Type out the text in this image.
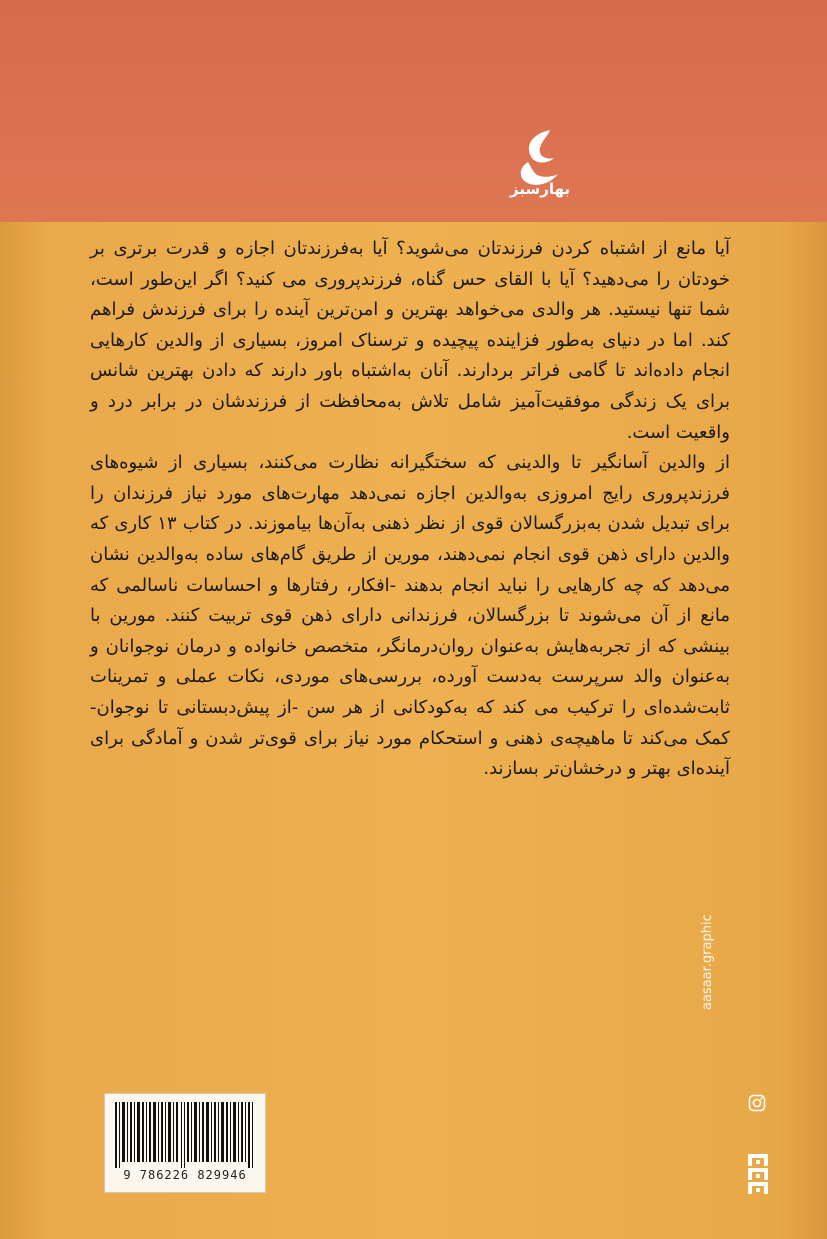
بهارسبز

آیا مانع از اشتباه کردن فرزندتان می‌شوید؟ آیا به‌فرزندتان اجازه و قدرت برتری بر خودتان را می‌دهید؟ آیا با القای حس گناه، فرزندپروری می کنید؟ اگر این‌طور است، شما تنها نیستید. هر والدی می‌خواهد بهترین و امن‌ترین آینده را برای فرزندش فراهم کند. اما در دنیای به‌طور فزاینده پیچیده و ترسناک امروز، بسیاری از والدین کارهایی انجام داده‌اند تا گامی فراتر بردارند. آنان به‌اشتباه باور دارند که دادن بهترین شانس برای یک زندگی موفقیت‌آمیز شامل تلاش به‌محافظت از فرزندشان در برابر درد و واقعیت است.

از والدین آسانگیر تا والدینی که سختگیرانه نظارت می‌کنند، بسیاری از شیوه‌های فرزندپروری رایج امروزی به‌والدین اجازه نمی‌دهد مهارت‌های مورد نیاز فرزندان را برای تبدیل شدن به‌بزرگسالان قوی از نظر ذهنی به‌آن‌ها بیاموزند. در کتاب ۱۳ کاری که والدین دارای ذهن قوی انجام نمی‌دهند، مورین از طریق گام‌های ساده به‌والدین نشان می‌دهد که چه کارهایی را نباید انجام بدهند -افکار، رفتارها و احساسات ناسالمی که مانع از آن می‌شوند تا بزرگسالان، فرزندانی دارای ذهن قوی تربیت کنند. مورین با بینشی که از تجربه‌هایش به‌عنوان روان‌درمانگر، متخصص خانواده و درمان نوجوانان و به‌عنوان والد سرپرست به‌دست آورده، بررسی‌های موردی، نکات عملی و تمرینات ثابت‌شده‌ای را ترکیب می کند که به‌کودکانی از هر سن -از پیش‌دبستانی تا نوجوان- کمک می‌کند تا ماهیچه‌ی ذهنی و استحکام مورد نیاز برای قوی‌تر شدن و آمادگی برای آینده‌ای بهتر و درخشان‌تر بسازند.

9 786226 829946
aasaar.graphic
